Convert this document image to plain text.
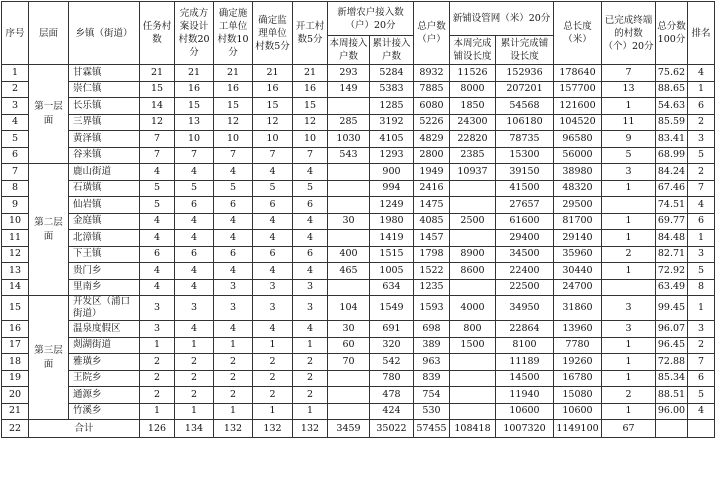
序号	层面	乡镇（街道）	任务村数	完成方案设计村数20分	确定施工单位村数10分	确定监理单位村数5分	开工村数5分	新增农户接入数（户）20分		总户数（户）	新铺设管网（米）20分		总长度（米）	已完成终端的村数（个）20分	总分数100分	排名
								本周接入户数	累计接入户数		本周完成铺设长度	累计完成铺设长度				
1	第一层面	甘霖镇	21	21	21	21	21	293	5284	8932	11526	152936	178640	7	75.62	4
2		崇仁镇	15	16	16	16	16	149	5383	7885	8000	207201	157700	13	88.65	1
3		长乐镇	14	15	15	15	15		1285	6080	1850	54568	121600	1	54.63	6
4		三界镇	12	13	12	12	12	285	3192	5226	24300	106180	104520	11	85.59	2
5		黄泽镇	7	10	10	10	10	1030	4105	4829	22820	78735	96580	9	83.41	3
6		谷来镇	7	7	7	7	7	543	1293	2800	2385	15300	56000	5	68.99	5
7	第二层面	鹿山街道	4	4	4	4	4		900	1949	10937	39150	38980	3	84.24	2
8		石璜镇	5	5	5	5	5		994	2416		41500	48320	1	67.46	7
9		仙岩镇	5	6	6	6	6		1249	1475		27657	29500		74.51	4
10		金庭镇	4	4	4	4	4	30	1980	4085	2500	61600	81700	1	69.77	6
11		北漳镇	4	4	4	4	4		1419	1457		29400	29140	1	84.48	1
12		下王镇	6	6	6	6	6	400	1515	1798	8900	34500	35960	2	82.71	3
13		贵门乡	4	4	4	4	4	465	1005	1522	8600	22400	30440	1	72.92	5
14		里南乡	4	4	3	3	3		634	1235		22500	24700		63.49	8
15	第三层面	开发区（浦口街道）	3	3	3	3	3	104	1549	1593	4000	34950	31860	3	99.45	1
16		温泉度假区	3	4	4	4	4	30	691	698	800	22864	13960	3	96.07	3
17		剡湖街道	1	1	1	1	1	60	320	389	1500	8100	7780	1	96.45	2
18		雅璜乡	2	2	2	2	2	70	542	963		11189	19260	1	72.88	7
19		王院乡	2	2	2	2	2		780	839		14500	16780	1	85.34	6
20		通源乡	2	2	2	2	2		478	754		11940	15080	2	88.51	5
21		竹溪乡	1	1	1	1	1		424	530		10600	10600	1	96.00	4
22	合计		126	134	132	132	132	3459	35022	57455	108418	1007320	1149100	67		
